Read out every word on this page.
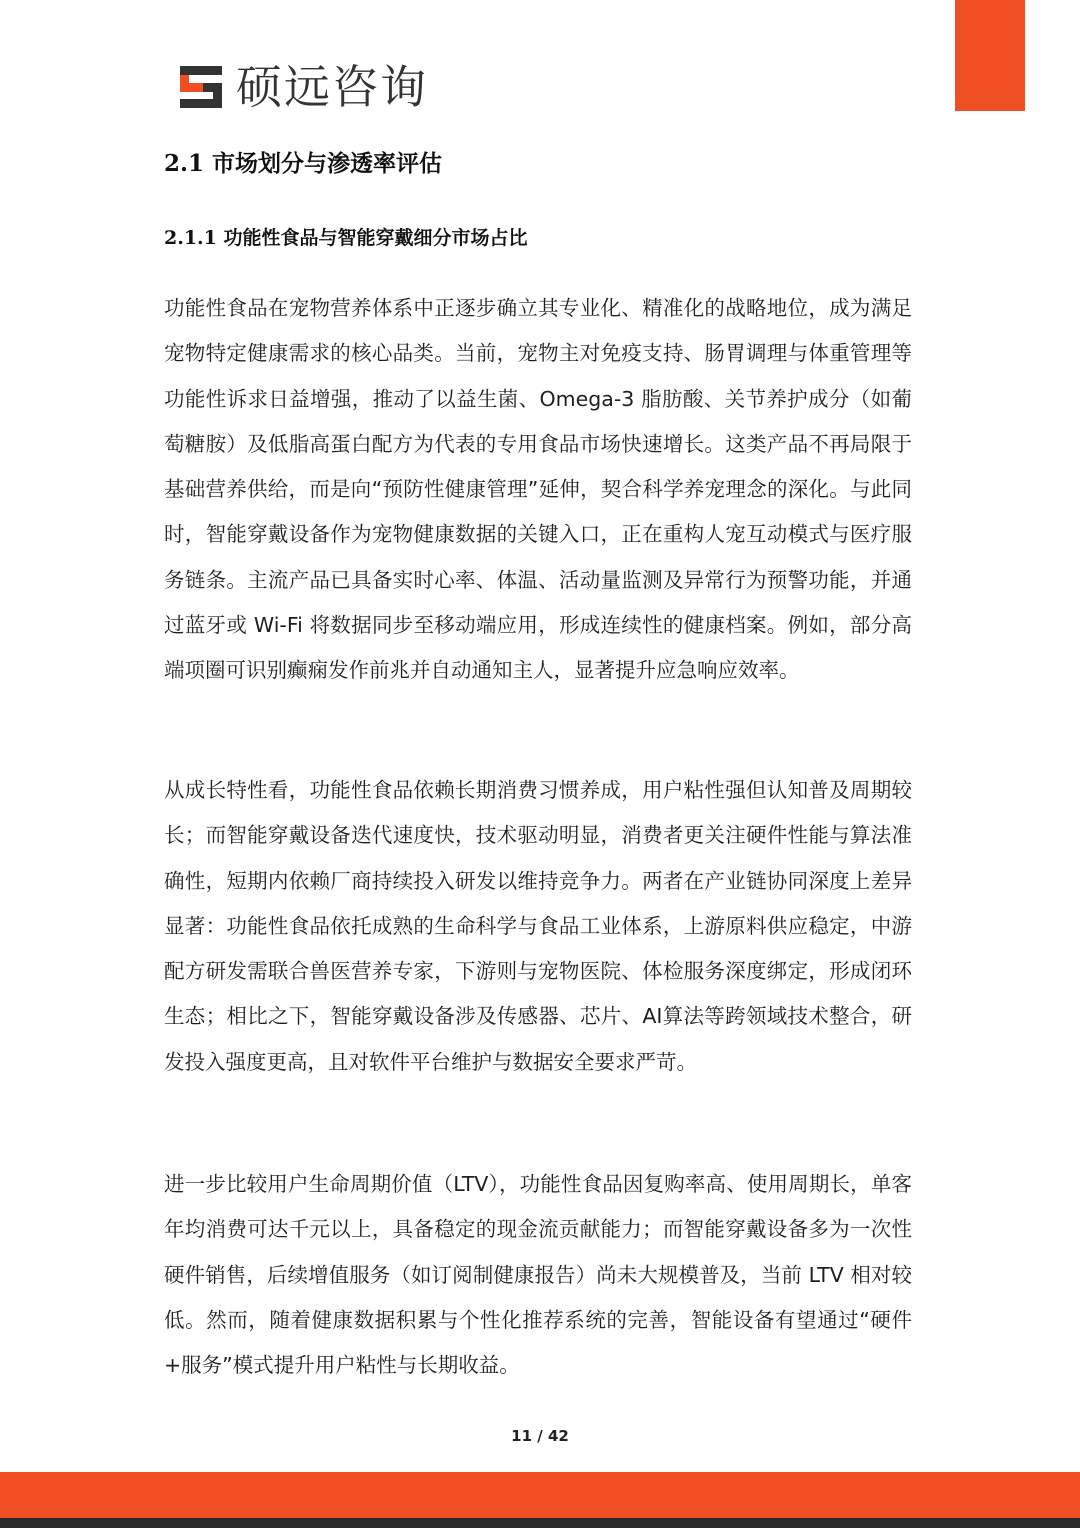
硕远咨询
2.1 市场划分与渗透率评估
2.1.1 功能性食品与智能穿戴细分市场占比

功能性食品在宠物营养体系中正逐步确立其专业化、精准化的战略地位，成为满足宠物特定健康需求的核心品类。当前，宠物主对免疫支持、肠胃调理与体重管理等功能性诉求日益增强，推动了以益生菌、Omega-3 脂肪酸、关节养护成分（如葡萄糖胺）及低脂高蛋白配方为代表的专用食品市场快速增长。这类产品不再局限于基础营养供给，而是向“预防性健康管理”延伸，契合科学养宠理念的深化。与此同时，智能穿戴设备作为宠物健康数据的关键入口，正在重构人宠互动模式与医疗服务链条。主流产品已具备实时心率、体温、活动量监测及异常行为预警功能，并通过蓝牙或 Wi-Fi 将数据同步至移动端应用，形成连续性的健康档案。例如，部分高端项圈可识别癫痫发作前兆并自动通知主人，显著提升应急响应效率。

从成长特性看，功能性食品依赖长期消费习惯养成，用户粘性强但认知普及周期较长；而智能穿戴设备迭代速度快，技术驱动明显，消费者更关注硬件性能与算法准确性，短期内依赖厂商持续投入研发以维持竞争力。两者在产业链协同深度上差异显著：功能性食品依托成熟的生命科学与食品工业体系，上游原料供应稳定，中游配方研发需联合兽医营养专家，下游则与宠物医院、体检服务深度绑定，形成闭环生态；相比之下，智能穿戴设备涉及传感器、芯片、AI算法等跨领域技术整合，研发投入强度更高，且对软件平台维护与数据安全要求严苛。

进一步比较用户生命周期价值（LTV），功能性食品因复购率高、使用周期长，单客年均消费可达千元以上，具备稳定的现金流贡献能力；而智能穿戴设备多为一次性硬件销售，后续增值服务（如订阅制健康报告）尚未大规模普及，当前 LTV 相对较低。然而，随着健康数据积累与个性化推荐系统的完善，智能设备有望通过“硬件+服务”模式提升用户粘性与长期收益。

11 / 42
